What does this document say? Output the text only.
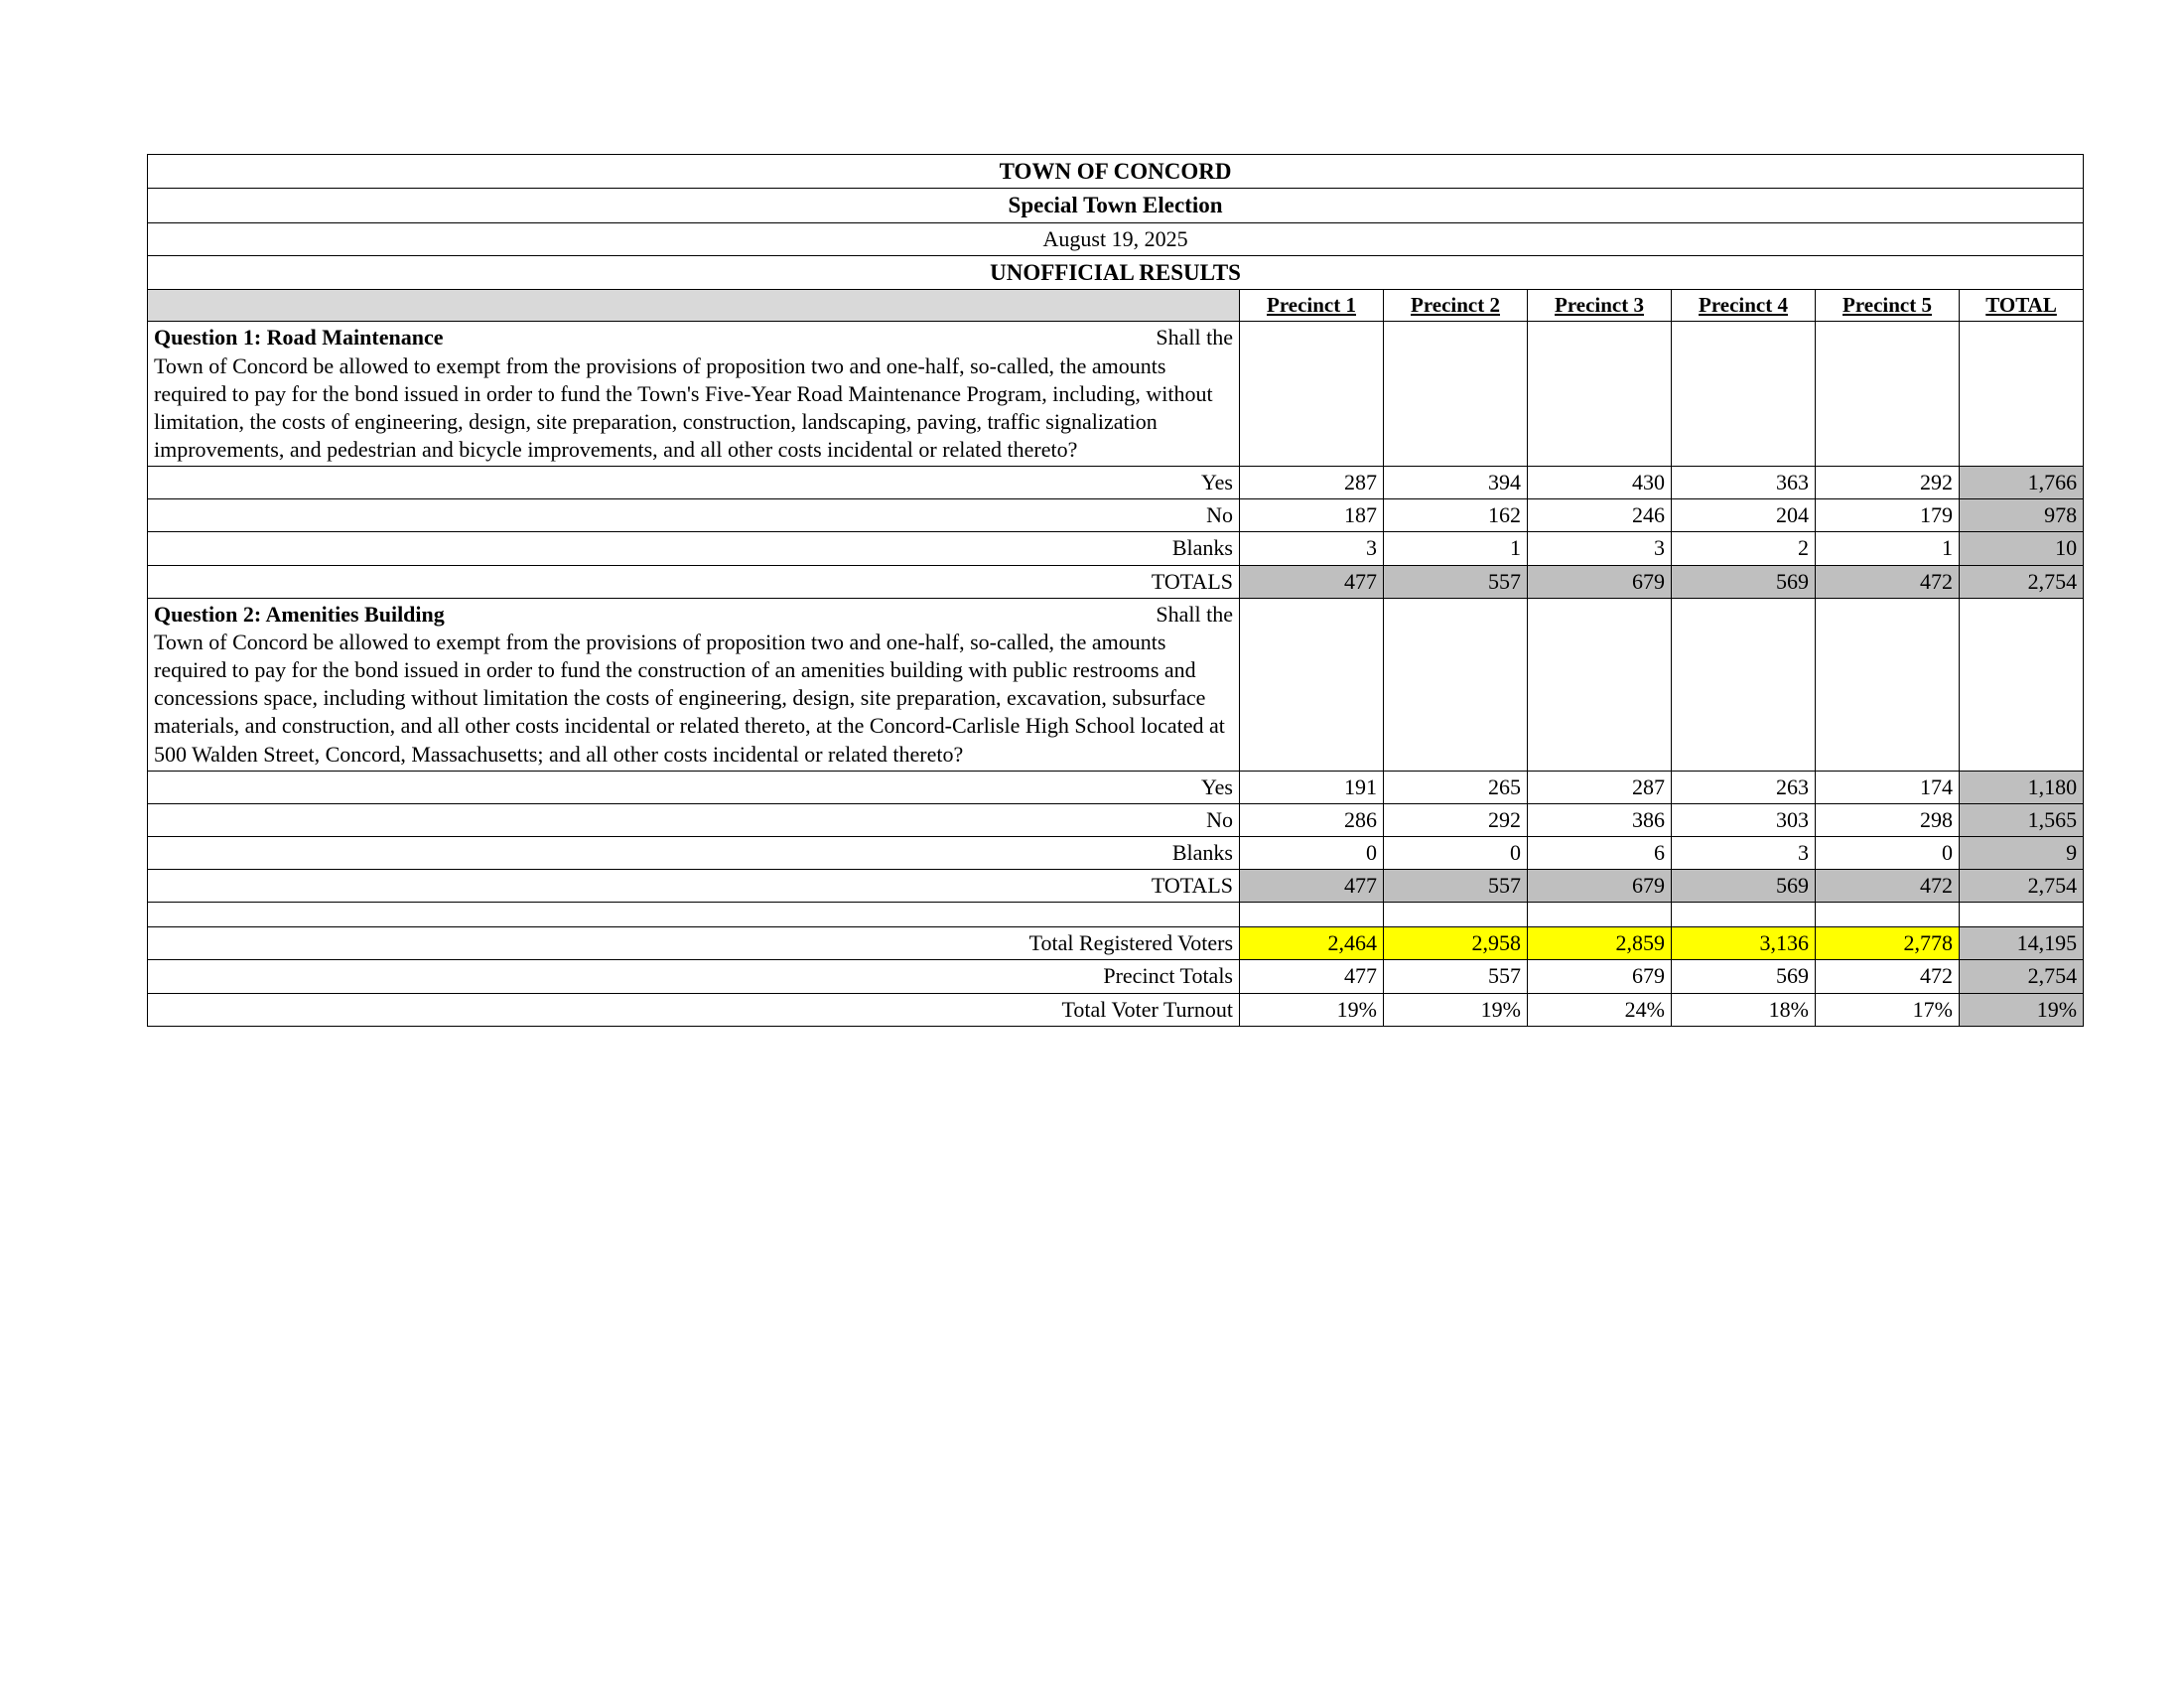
TOWN OF CONCORD						
Special Town Election						
August 19, 2025						
UNOFFICIAL RESULTS						
	Precinct 1	Precinct 2	Precinct 3	Precinct 4	Precinct 5	TOTAL

Question 1: Road Maintenance Shall the
Town of Concord be allowed to exempt from the provisions of proposition two and one-half, so-called, the amounts required to pay for the bond issued in order to fund the Town's Five-Year Road Maintenance Program, including, without limitation, the costs of engineering, design, site preparation, construction, landscaping, paving, traffic signalization improvements, and pedestrian and bicycle improvements, and all other costs incidental or related thereto?						

Yes	287	394	430	363	292	1,766
No	187	162	246	204	179	978
Blanks	3	1	3	2	1	10
TOTALS	477	557	679	569	472	2,754

Question 2: Amenities Building Shall the
Town of Concord be allowed to exempt from the provisions of proposition two and one-half, so-called, the amounts required to pay for the bond issued in order to fund the construction of an amenities building with public restrooms and concessions space, including without limitation the costs of engineering, design, site preparation, excavation, subsurface materials, and construction, and all other costs incidental or related thereto, at the Concord-Carlisle High School located at 500 Walden Street, Concord, Massachusetts; and all other costs incidental or related thereto?						

Yes	191	265	287	263	174	1,180
No	286	292	386	303	298	1,565
Blanks	0	0	6	3	0	9
TOTALS	477	557	679	569	472	2,754

Total Registered Voters	2,464	2,958	2,859	3,136	2,778	14,195
Precinct Totals	477	557	679	569	472	2,754
Total Voter Turnout	19%	19%	24%	18%	17%	19%
